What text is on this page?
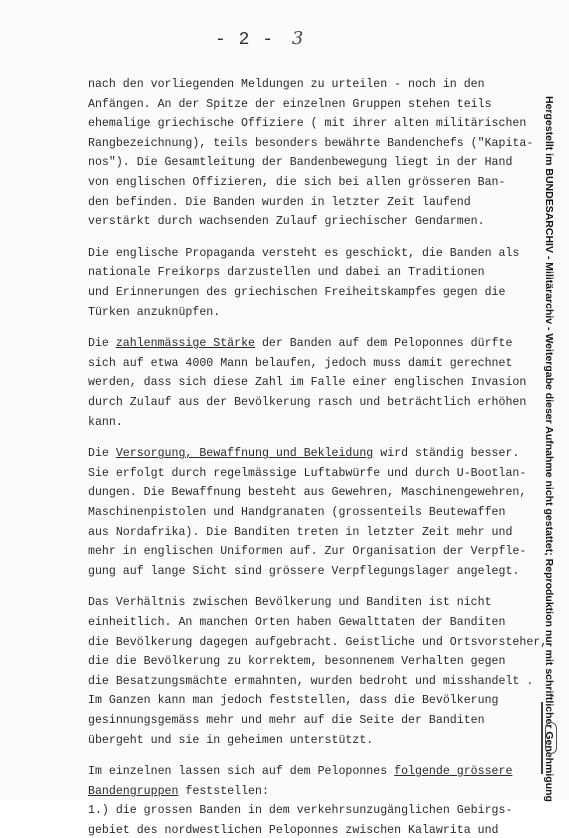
- 2 - 3
nach den vorliegenden Meldungen zu urteilen - noch in den
Anfängen. An der Spitze der einzelnen Gruppen stehen teils
ehemalige griechische Offiziere ( mit ihrer alten militärischen
Rangbezeichnung), teils besonders bewährte Bandenchefs ("Kapita-
nos"). Die Gesamtleitung der Bandenbewegung liegt in der Hand
von englischen Offizieren, die sich bei allen grösseren Ban-
den befinden. Die Banden wurden in letzter Zeit laufend
verstärkt durch wachsenden Zulauf griechischer Gendarmen.
Die englische Propaganda versteht es geschickt, die Banden als
nationale Freikorps darzustellen und dabei an Traditionen
und Erinnerungen des griechischen Freiheitskampfes gegen die
Türken anzuknüpfen.
Die zahlenmässige Stärke der Banden auf dem Peloponnes dürfte
sich auf etwa 4000 Mann belaufen, jedoch muss damit gerechnet
werden, dass sich diese Zahl im Falle einer englischen Invasion
durch Zulauf aus der Bevölkerung rasch und beträchtlich erhöhen
kann.
Die Versorgung, Bewaffnung und Bekleidung wird ständig besser.
Sie erfolgt durch regelmässige Luftabwürfe und durch U-Bootlan-
dungen. Die Bewaffnung besteht aus Gewehren, Maschinengewehren,
Maschinenpistolen und Handgranaten (grossenteils Beutewaffen
aus Nordafrika). Die Banditen treten in letzter Zeit mehr und
mehr in englischen Uniformen auf. Zur Organisation der Verpfle-
gung auf lange Sicht sind grössere Verpflegungslager angelegt.
Das Verhältnis zwischen Bevölkerung und Banditen ist nicht
einheitlich. An manchen Orten haben Gewalttaten der Banditen
die Bevölkerung dagegen aufgebracht. Geistliche und Ortsvorsteher,
die die Bevölkerung zu korrektem, besonnenem Verhalten gegen
die Besatzungsmächte ermahnten, wurden bedroht und misshandelt .
Im Ganzen kann man jedoch feststellen, dass die Bevölkerung
gesinnungsgemäss mehr und mehr auf die Seite der Banditen
übergeht und sie in geheimen unterstützt.
Im einzelnen lassen sich auf dem Peloponnes folgende grössere
Bandengruppen feststellen:
1.) die grossen Banden in dem verkehrsunzugänglichen Gebirgs-
gebiet des nordwestlichen Peloponnes zwischen Kalawrita und
Hergestellt im BUNDESARCHIV - Militärarchiv - Weitergabe dieser Aufnahme nicht gestattet; Reproduktion nur mit schriftlicher Genehmigung
